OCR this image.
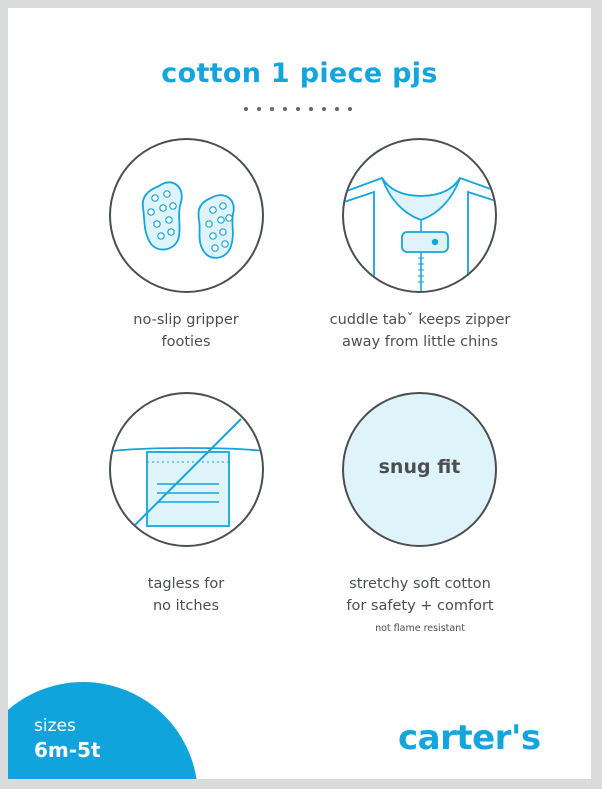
cotton 1 piece pjs
no-slip gripper
footies
cuddle tabˇ keeps zipper
away from little chins
tagless for
no itches
snug fit
stretchy soft cotton
for safety + comfort
not flame resistant
sizes
6m-5t	carter's
